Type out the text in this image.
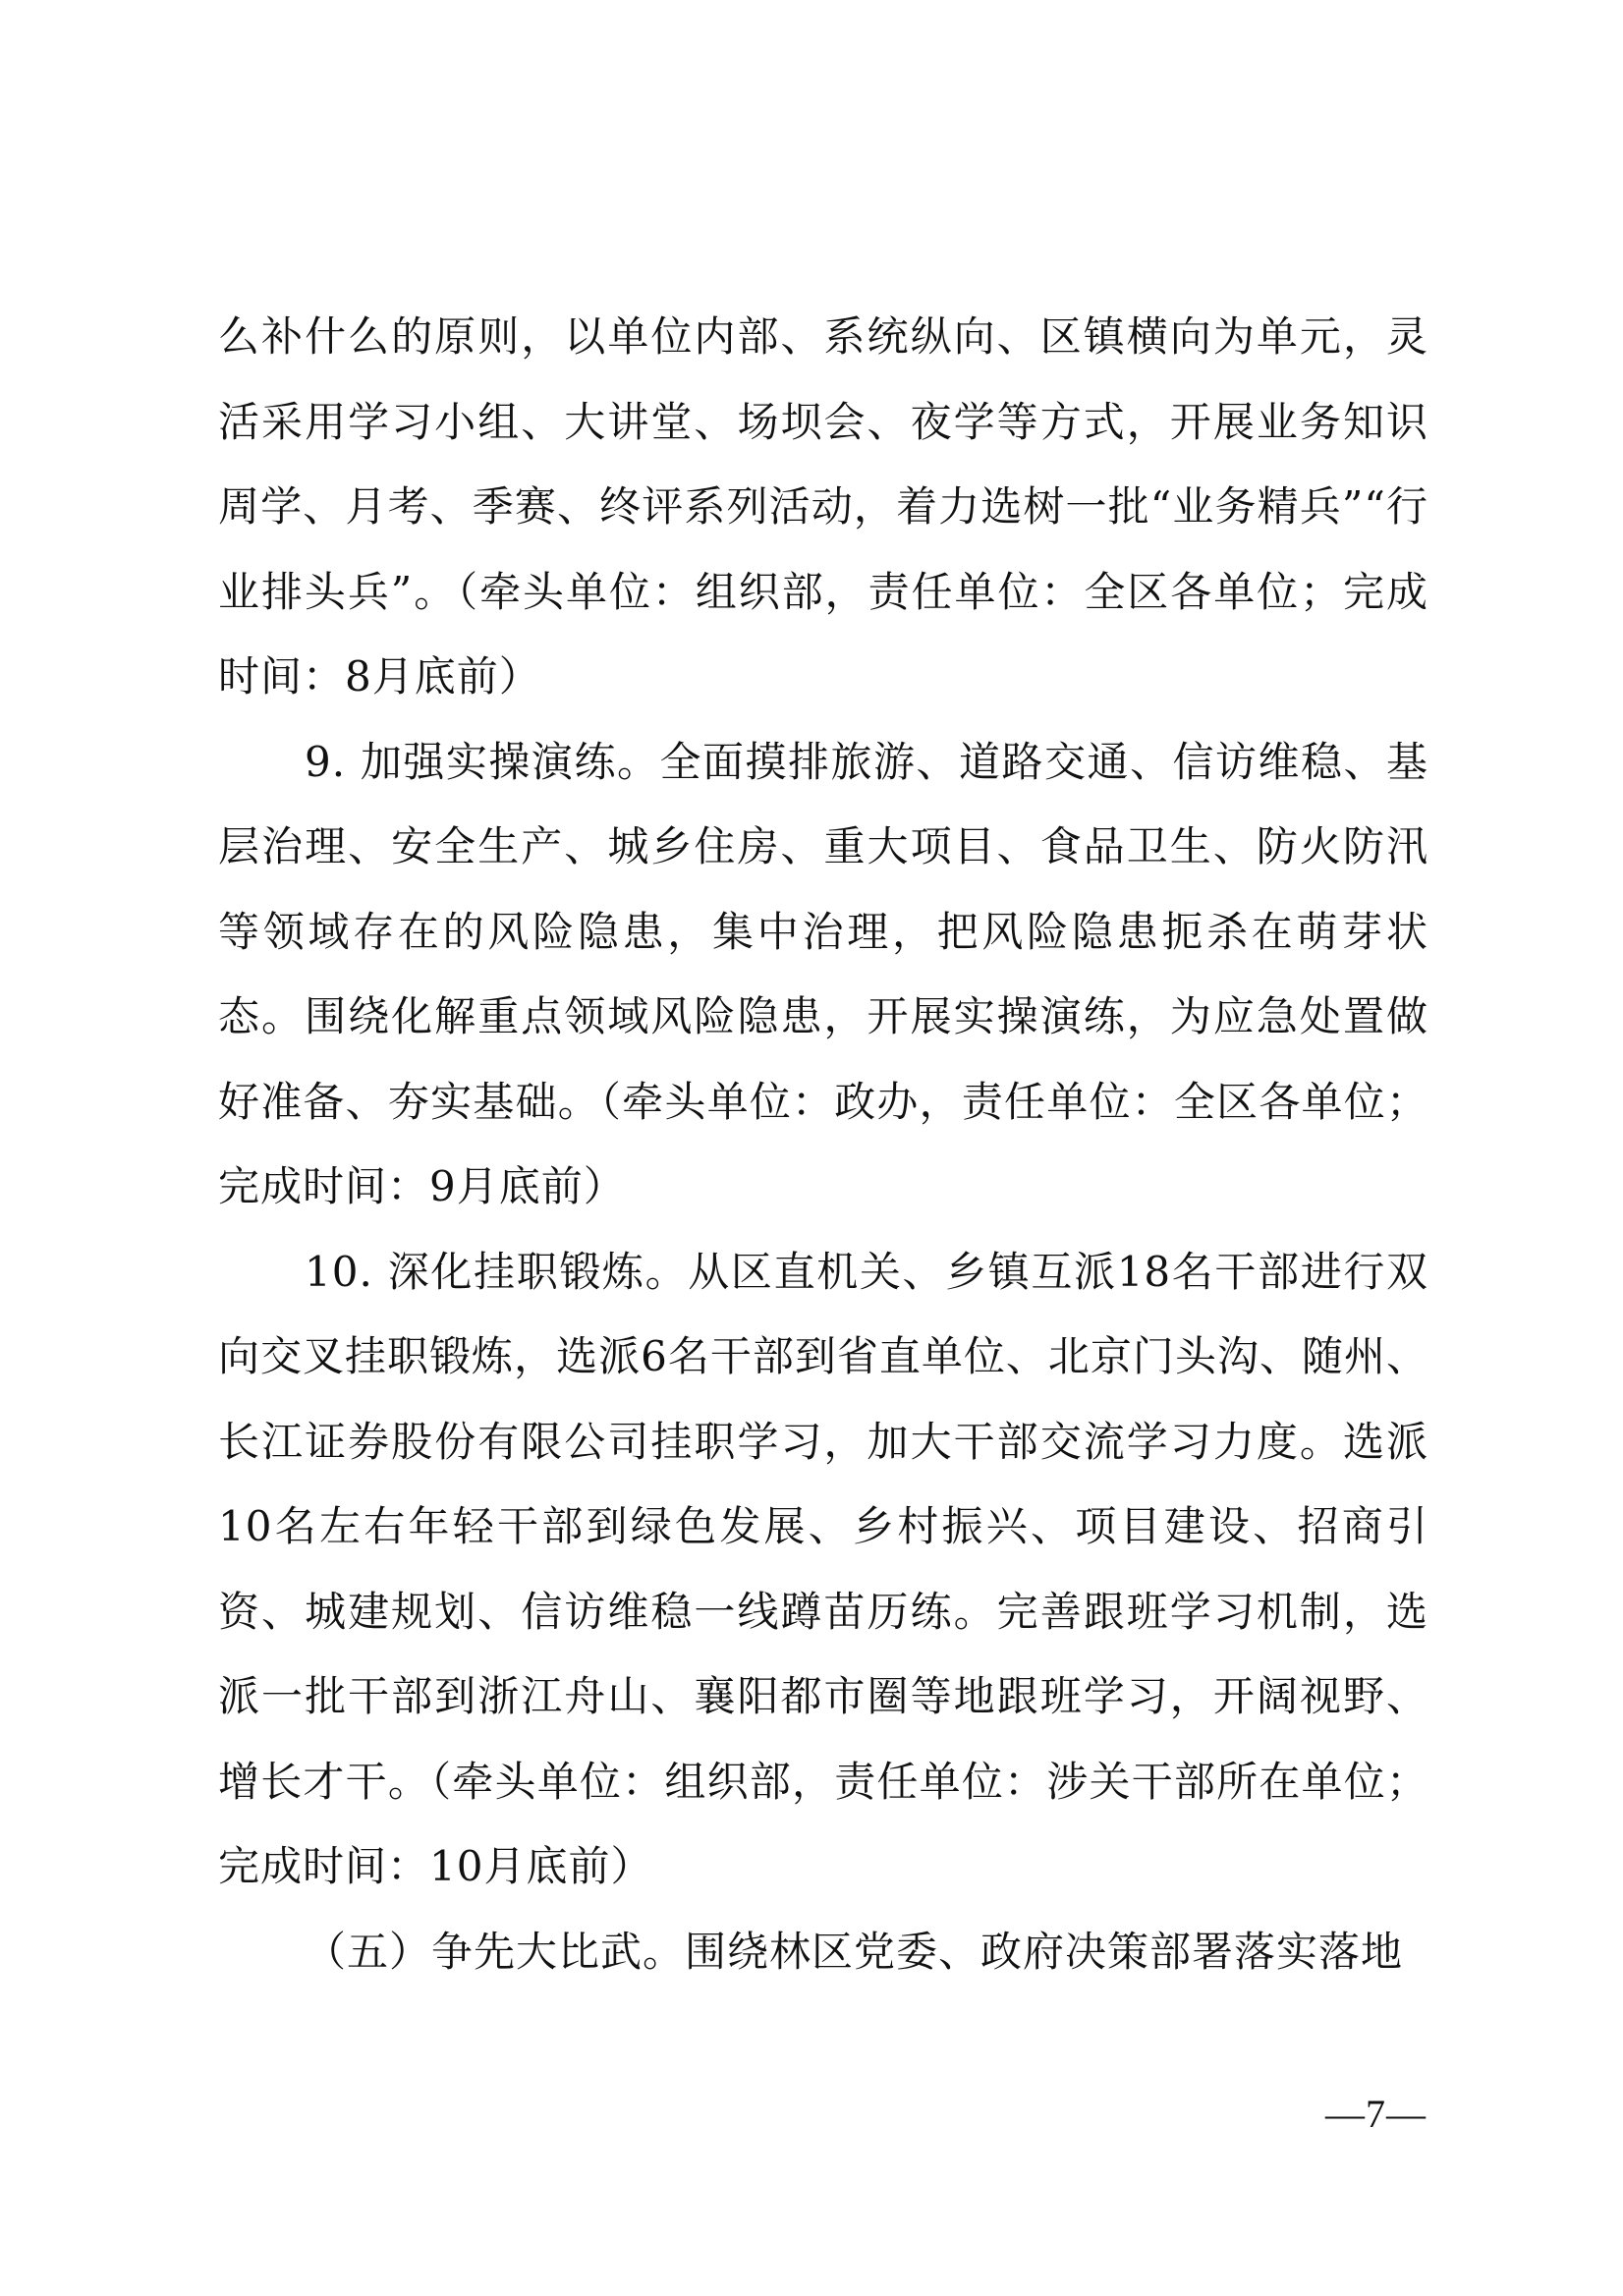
么补什么的原则，以单位内部、系统纵向、区镇横向为单元，灵活采用学习小组、大讲堂、场坝会、夜学等方式，开展业务知识周学、月考、季赛、终评系列活动，着力选树一批“业务精兵”“行业排头兵”。（牵头单位：组织部，责任单位：全区各单位；完成时间：8月底前）

9. 加强实操演练。全面摸排旅游、道路交通、信访维稳、基层治理、安全生产、城乡住房、重大项目、食品卫生、防火防汛等领域存在的风险隐患，集中治理，把风险隐患扼杀在萌芽状态。围绕化解重点领域风险隐患，开展实操演练，为应急处置做好准备、夯实基础。（牵头单位：政办，责任单位：全区各单位；完成时间：9月底前）

10. 深化挂职锻炼。从区直机关、乡镇互派18名干部进行双向交叉挂职锻炼，选派6名干部到省直单位、北京门头沟、随州、长江证券股份有限公司挂职学习，加大干部交流学习力度。选派10名左右年轻干部到绿色发展、乡村振兴、项目建设、招商引资、城建规划、信访维稳一线蹲苗历练。完善跟班学习机制，选派一批干部到浙江舟山、襄阳都市圈等地跟班学习，开阔视野、增长才干。（牵头单位：组织部，责任单位：涉关干部所在单位；完成时间：10月底前）

（五）争先大比武。围绕林区党委、政府决策部署落实落地

—7—
